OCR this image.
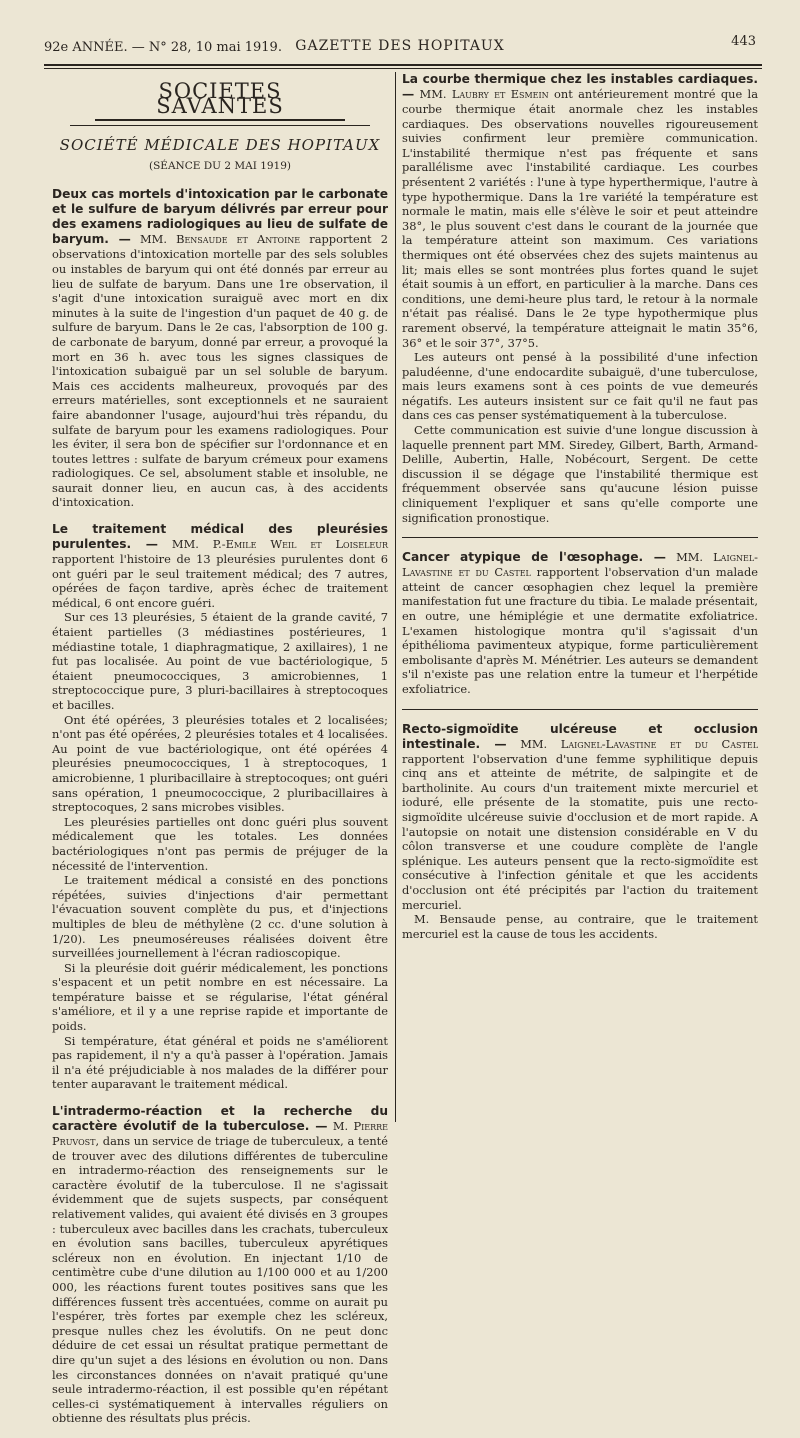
92e ANNÉE. — N° 28, 10 mai 1919. GAZETTE DES HOPITAUX	443
SOCIETES SAVANTES
SOCIÉTÉ MÉDICALE DES HOPITAUX
(SÉANCE DU 2 MAI 1919)

Deux cas mortels d'intoxication par le carbonate et le sulfure de baryum délivrés par erreur pour des examens radiologiques au lieu de sulfate de baryum. — MM. Bensaude et Antoine rapportent 2 observations d'intoxication mortelle par des sels solubles ou instables de baryum qui ont été donnés par erreur au lieu de sulfate de baryum. Dans une 1re observation, il s'agit d'une intoxication suraiguë avec mort en dix minutes à la suite de l'ingestion d'un paquet de 40 g. de sulfure de baryum. Dans le 2e cas, l'absorption de 100 g. de carbonate de baryum, donné par erreur, a provoqué la mort en 36 h. avec tous les signes classiques de l'intoxication subaiguë par un sel soluble de baryum. Mais ces accidents malheureux, provoqués par des erreurs matérielles, sont exceptionnels et ne sauraient faire abandonner l'usage, aujourd'hui très répandu, du sulfate de baryum pour les examens radiologiques. Pour les éviter, il sera bon de spécifier sur l'ordonnance et en toutes lettres : sulfate de baryum crémeux pour examens radiologiques. Ce sel, absolument stable et insoluble, ne saurait donner lieu, en aucun cas, à des accidents d'intoxication.

Le traitement médical des pleurésies purulentes. — MM. P.-Emile Weil et Loiseleur rapportent l'histoire de 13 pleurésies purulentes dont 6 ont guéri par le seul traitement médical; des 7 autres, opérées de façon tardive, après échec de traitement médical, 6 ont encore guéri.

Sur ces 13 pleurésies, 5 étaient de la grande cavité, 7 étaient partielles (3 médiastines postérieures, 1 médiastine totale, 1 diaphragmatique, 2 axillaires), 1 ne fut pas localisée. Au point de vue bactériologique, 5 étaient pneumococciques, 3 amicrobiennes, 1 streptococcique pure, 3 pluri-bacillaires à streptocoques et bacilles.

Ont été opérées, 3 pleurésies totales et 2 localisées; n'ont pas été opérées, 2 pleurésies totales et 4 localisées. Au point de vue bactériologique, ont été opérées 4 pleurésies pneumococciques, 1 à streptocoques, 1 amicrobienne, 1 pluribacillaire à streptocoques; ont guéri sans opération, 1 pneumococcique, 2 pluribacillaires à streptocoques, 2 sans microbes visibles.

Les pleurésies partielles ont donc guéri plus souvent médicalement que les totales. Les données bactériologiques n'ont pas permis de préjuger de la nécessité de l'intervention.

Le traitement médical a consisté en des ponctions répétées, suivies d'injections d'air permettant l'évacuation souvent complète du pus, et d'injections multiples de bleu de méthylène (2 cc. d'une solution à 1/20). Les pneumoséreuses réalisées doivent être surveillées journellement à l'écran radioscopique.

Si la pleurésie doit guérir médicalement, les ponctions s'espacent et un petit nombre en est nécessaire. La température baisse et se régularise, l'état général s'améliore, et il y a une reprise rapide et importante de poids.

Si température, état général et poids ne s'améliorent pas rapidement, il n'y a qu'à passer à l'opération. Jamais il n'a été préjudiciable à nos malades de la différer pour tenter auparavant le traitement médical.

L'intradermo-réaction et la recherche du caractère évolutif de la tuberculose. — M. Pierre Pruvost, dans un service de triage de tuberculeux, a tenté de trouver avec des dilutions différentes de tuberculine en intradermo-réaction des renseignements sur le caractère évolutif de la tuberculose. Il ne s'agissait évidemment que de sujets suspects, par conséquent relativement valides, qui avaient été divisés en 3 groupes : tuberculeux avec bacilles dans les crachats, tuberculeux en évolution sans bacilles, tuberculeux apyrétiques scléreux non en évolution. En injectant 1/10 de centimètre cube d'une dilution au 1/100 000 et au 1/200 000, les réactions furent toutes positives sans que les différences fussent très accentuées, comme on aurait pu l'espérer, très fortes par exemple chez les scléreux, presque nulles chez les évolutifs. On ne peut donc déduire de cet essai un résultat pratique permettant de dire qu'un sujet a des lésions en évolution ou non. Dans les circonstances données on n'avait pratiqué qu'une seule intradermo-réaction, il est possible qu'en répétant celles-ci systématiquement à intervalles réguliers on obtienne des résultats plus précis.

La courbe thermique chez les instables cardiaques. — MM. Laubry et Esmein ont antérieurement montré que la courbe thermique était anormale chez les instables cardiaques. Des observations nouvelles rigoureusement suivies confirment leur première communication. L'instabilité thermique n'est pas fréquente et sans parallélisme avec l'instabilité cardiaque. Les courbes présentent 2 variétés : l'une à type hyperthermique, l'autre à type hypothermique. Dans la 1re variété la température est normale le matin, mais elle s'élève le soir et peut atteindre 38°, le plus souvent c'est dans le courant de la journée que la température atteint son maximum. Ces variations thermiques ont été observées chez des sujets maintenus au lit; mais elles se sont montrées plus fortes quand le sujet était soumis à un effort, en particulier à la marche. Dans ces conditions, une demi-heure plus tard, le retour à la normale n'était pas réalisé. Dans le 2e type hypothermique plus rarement observé, la température atteignait le matin 35°6, 36° et le soir 37°, 37°5.

Les auteurs ont pensé à la possibilité d'une infection paludéenne, d'une endocardite subaiguë, d'une tuberculose, mais leurs examens sont à ces points de vue demeurés négatifs. Les auteurs insistent sur ce fait qu'il ne faut pas dans ces cas penser systématiquement à la tuberculose.

Cette communication est suivie d'une longue discussion à laquelle prennent part MM. Siredey, Gilbert, Barth, Armand-Delille, Aubertin, Halle, Nobécourt, Sergent. De cette discussion il se dégage que l'instabilité thermique est fréquemment observée sans qu'aucune lésion puisse cliniquement l'expliquer et sans qu'elle comporte une signification pronostique.

Cancer atypique de l'œsophage. — MM. Laignel-Lavastine et du Castel rapportent l'observation d'un malade atteint de cancer œsophagien chez lequel la première manifestation fut une fracture du tibia. Le malade présentait, en outre, une hémiplégie et une dermatite exfoliatrice. L'examen histologique montra qu'il s'agissait d'un épithélioma pavimenteux atypique, forme particulièrement embolisante d'après M. Ménétrier. Les auteurs se demandent s'il n'existe pas une relation entre la tumeur et l'herpétide exfoliatrice.

Recto-sigmoïdite ulcéreuse et occlusion intestinale. — MM. Laignel-Lavastine et du Castel rapportent l'observation d'une femme syphilitique depuis cinq ans et atteinte de métrite, de salpingite et de bartholinite. Au cours d'un traitement mixte mercuriel et ioduré, elle présente de la stomatite, puis une recto-sigmoïdite ulcéreuse suivie d'occlusion et de mort rapide. A l'autopsie on notait une distension considérable en V du côlon transverse et une coudure complète de l'angle splénique. Les auteurs pensent que la recto-sigmoïdite est consécutive à l'infection génitale et que les accidents d'occlusion ont été précipités par l'action du traitement mercuriel.

M. Bensaude pense, au contraire, que le traitement mercuriel est la cause de tous les accidents.
